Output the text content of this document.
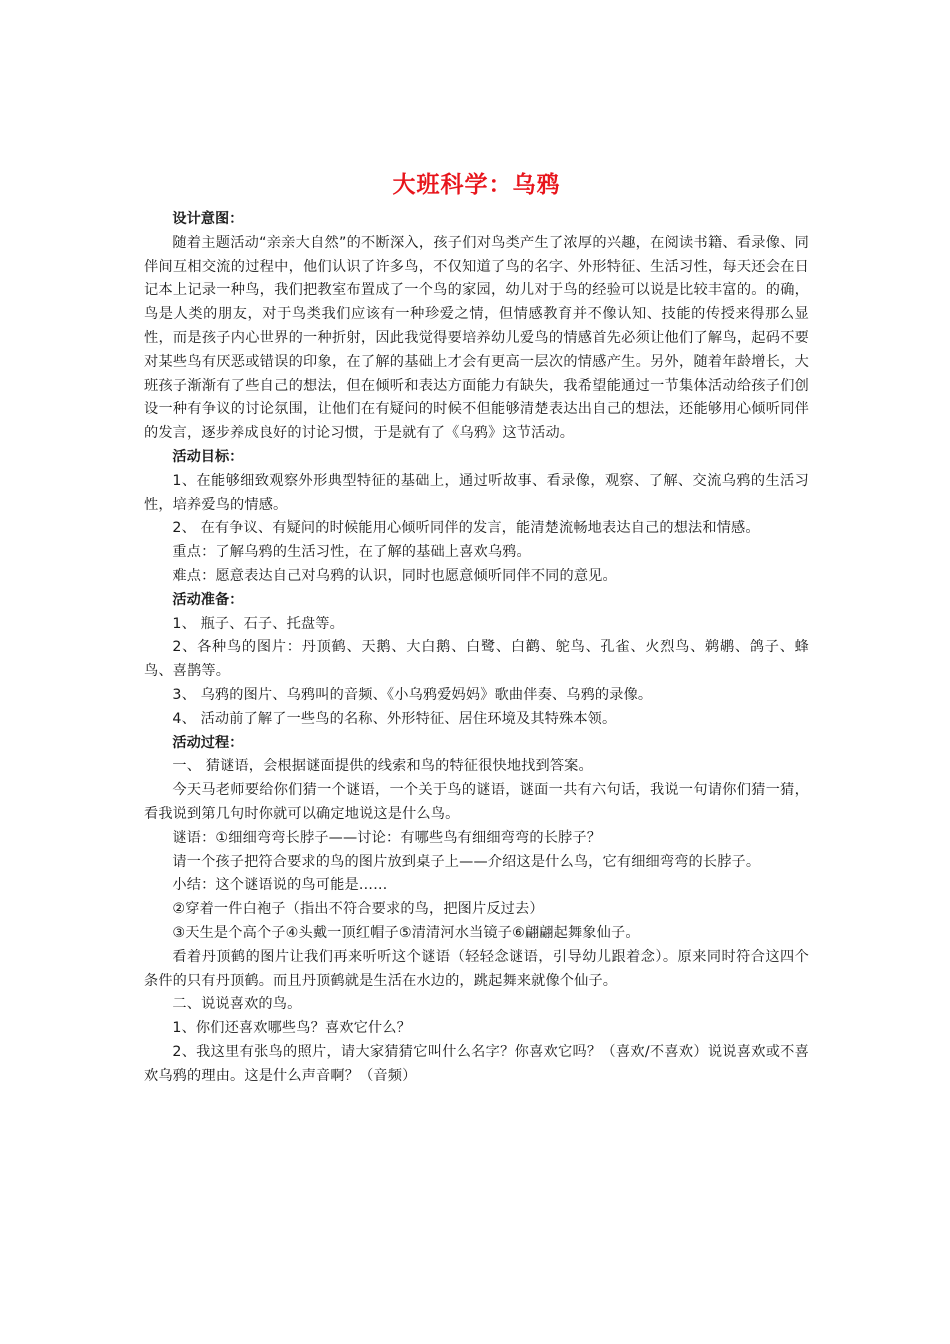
大班科学：乌鸦

设计意图：

随着主题活动“亲亲大自然”的不断深入，孩子们对鸟类产生了浓厚的兴趣，在阅读书籍、看录像、同伴间互相交流的过程中，他们认识了许多鸟，不仅知道了鸟的名字、外形特征、生活习性，每天还会在日记本上记录一种鸟，我们把教室布置成了一个鸟的家园，幼儿对于鸟的经验可以说是比较丰富的。的确，鸟是人类的朋友，对于鸟类我们应该有一种珍爱之情，但情感教育并不像认知、技能的传授来得那么显性，而是孩子内心世界的一种折射，因此我觉得要培养幼儿爱鸟的情感首先必须让他们了解鸟，起码不要对某些鸟有厌恶或错误的印象，在了解的基础上才会有更高一层次的情感产生。另外，随着年龄增长，大班孩子渐渐有了些自己的想法，但在倾听和表达方面能力有缺失，我希望能通过一节集体活动给孩子们创设一种有争议的讨论氛围，让他们在有疑问的时候不但能够清楚表达出自己的想法，还能够用心倾听同伴的发言，逐步养成良好的讨论习惯，于是就有了《乌鸦》这节活动。

活动目标：

1、在能够细致观察外形典型特征的基础上，通过听故事、看录像，观察、了解、交流乌鸦的生活习性，培养爱鸟的情感。

2、 在有争议、有疑问的时候能用心倾听同伴的发言，能清楚流畅地表达自己的想法和情感。

重点：了解乌鸦的生活习性，在了解的基础上喜欢乌鸦。

难点：愿意表达自己对乌鸦的认识，同时也愿意倾听同伴不同的意见。

活动准备：

1、 瓶子、石子、托盘等。

2、各种鸟的图片：丹顶鹤、天鹅、大白鹅、白鹭、白鹳、鸵鸟、孔雀、火烈鸟、鹈鹕、鸽子、蜂鸟、喜鹊等。

3、 乌鸦的图片、乌鸦叫的音频、《小乌鸦爱妈妈》歌曲伴奏、乌鸦的录像。

4、 活动前了解了一些鸟的名称、外形特征、居住环境及其特殊本领。

活动过程：

一、 猜谜语，会根据谜面提供的线索和鸟的特征很快地找到答案。

今天马老师要给你们猜一个谜语，一个关于鸟的谜语，谜面一共有六句话，我说一句请你们猜一猜，看我说到第几句时你就可以确定地说这是什么鸟。

谜语：①细细弯弯长脖子——讨论：有哪些鸟有细细弯弯的长脖子？

请一个孩子把符合要求的鸟的图片放到桌子上——介绍这是什么鸟，它有细细弯弯的长脖子。

小结：这个谜语说的鸟可能是……

②穿着一件白袍子（指出不符合要求的鸟，把图片反过去）

③天生是个高个子④头戴一顶红帽子⑤清清河水当镜子⑥翩翩起舞象仙子。

看着丹顶鹤的图片让我们再来听听这个谜语（轻轻念谜语，引导幼儿跟着念）。原来同时符合这四个条件的只有丹顶鹤。而且丹顶鹤就是生活在水边的，跳起舞来就像个仙子。

二、说说喜欢的鸟。

1、你们还喜欢哪些鸟？喜欢它什么？

2、我这里有张鸟的照片，请大家猜猜它叫什么名字？你喜欢它吗？（喜欢/不喜欢）说说喜欢或不喜欢乌鸦的理由。这是什么声音啊？（音频）
